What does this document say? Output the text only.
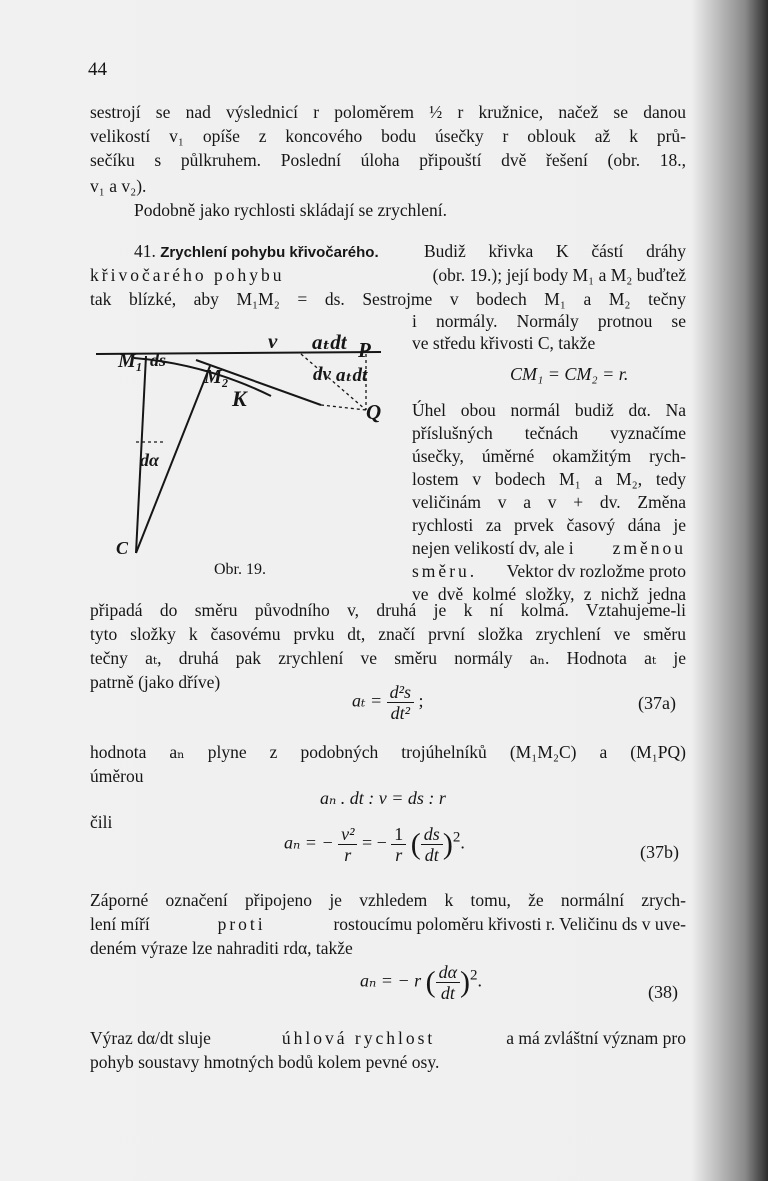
44
sestrojí se nad výslednicí r poloměrem ½ r kružnice, načež se danou
velikostí v₁ opíše z koncového bodu úsečky r oblouk až k prů-
sečíku s půlkruhem. Poslední úloha připouští dvě řešení (obr. 18.,
v₁ a v₂).
Podobně jako rychlosti skládají se zrychlení.
41. Zrychlení pohybu křivočarého.	Budiž křivka K částí dráhy
křivočarého pohybu	(obr. 19.); její body M₁ a M₂ buďtež
tak blízké, aby M₁M₂ = ds. Sestrojme v bodech M₁ a M₂ tečny
i normály. Normály protnou se
ve středu křivosti C, takže
CM₁ = CM₂ = r.
Úhel obou normál budiž dα. Na
příslušných tečnách vyznačíme
úsečky, úměrné okamžitým rych-
lostem v bodech M₁ a M₂, tedy
veličinám v a v + dv. Změna
rychlosti za prvek časový dána je
nejen velikostí dv, ale i změnou
směru. Vektor dv rozložme proto
ve dvě kolmé složky, z nichž jedna
v aₜdt P
M₁ ds
M₂
K
dv aₜdt
Q
dα
C
Obr. 19.
připadá do směru původního v, druhá je k ní kolmá. Vztahujeme-li
tyto složky k časovému prvku dt, značí první složka zrychlení ve směru
tečny aₜ, druhá pak zrychlení ve směru normály aₙ. Hodnota aₜ je
patrně (jako dříve)
$a_t = \frac{\text{d²s}}{\text{dt²}}$ ;	(37a)
hodnota aₙ plyne z podobných trojúhelníků (M₁M₂C) a (M₁PQ)
úměrou
aₙ . dt : v = ds : r
čili
aₙ = − $\frac{\text{v²}}{r}$ = − $\frac{1}{r}$ ( $\frac{ds}{dt} )^2$.	(37b)
Záporné označení připojeno je vzhledem k tomu, že normální zrych-
lení míří	proti	rostoucímu poloměru křivosti r. Veličinu ds v uve-
deném výraze lze nahraditi rdα, takže
aₙ = − r ( $\frac{d\alpha}{dt} )^2$.
(38)
Výraz dα/dt sluje	úhlová rychlost	a má zvláštní význam pro
pohyb soustavy hmotných bodů kolem pevné osy.
